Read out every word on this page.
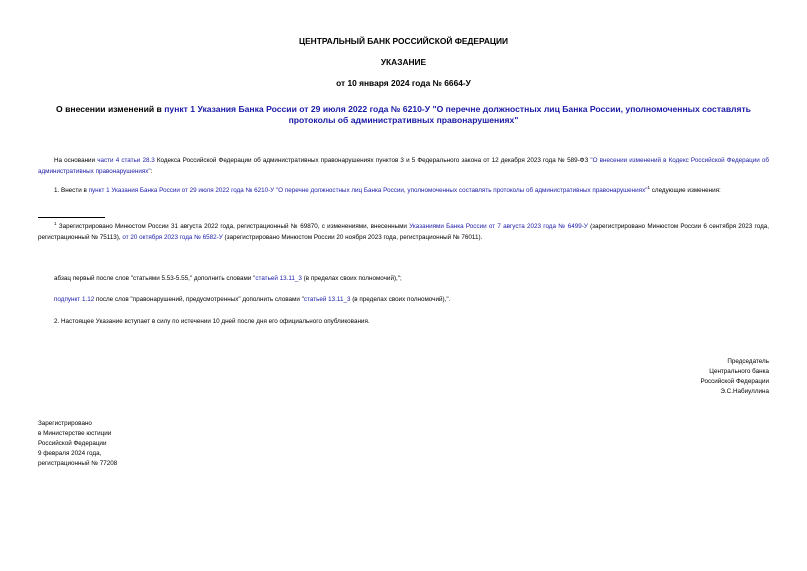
ЦЕНТРАЛЬНЫЙ БАНК РОССИЙСКОЙ ФЕДЕРАЦИИ
УКАЗАНИЕ
от 10 января 2024 года № 6664-У
О внесении изменений в пункт 1 Указания Банка России от 29 июля 2022 года № 6210-У "О перечне должностных лиц Банка России, уполномоченных составлять протоколы об административных правонарушениях"
На основании части 4 статьи 28.3 Кодекса Российской Федерации об административных правонарушениях пунктов 3 и 5 Федерального закона от 12 декабря 2023 года № 589-ФЗ "О внесении изменений в Кодекс Российской Федерации об административных правонарушениях":
1. Внести в пункт 1 Указания Банка России от 29 июля 2022 года № 6210-У "О перечне должностных лиц Банка России, уполномоченных составлять протоколы об административных правонарушениях"$^1$ следующие изменения:
$^1$ Зарегистрировано Минюстом России 31 августа 2022 года, регистрационный № 69870, с изменениями, внесенными Указаниями Банка России от 7 августа 2023 года № 6499-У (зарегистрировано Минюстом России 6 сентября 2023 года, регистрационный № 75113), от 20 октября 2023 года № 6582-У (зарегистрировано Минюстом России 20 ноября 2023 года, регистрационный № 76011).
абзац первый после слов "статьями 5.53-5.55," дополнить словами "статьей 13.11_3 (в пределах своих полномочий),";
подпункт 1.12 после слов "правонарушений, предусмотренных" дополнить словами "статьей 13.11_3 (в пределах своих полномочий),".
2. Настоящее Указание вступает в силу по истечении 10 дней после дня его официального опубликования.
Председатель
Центрального банка
Российской Федерации
Э.С.Набиуллина
Зарегистрировано
в Министерстве юстиции
Российской Федерации
9 февраля 2024 года,
регистрационный № 77208
